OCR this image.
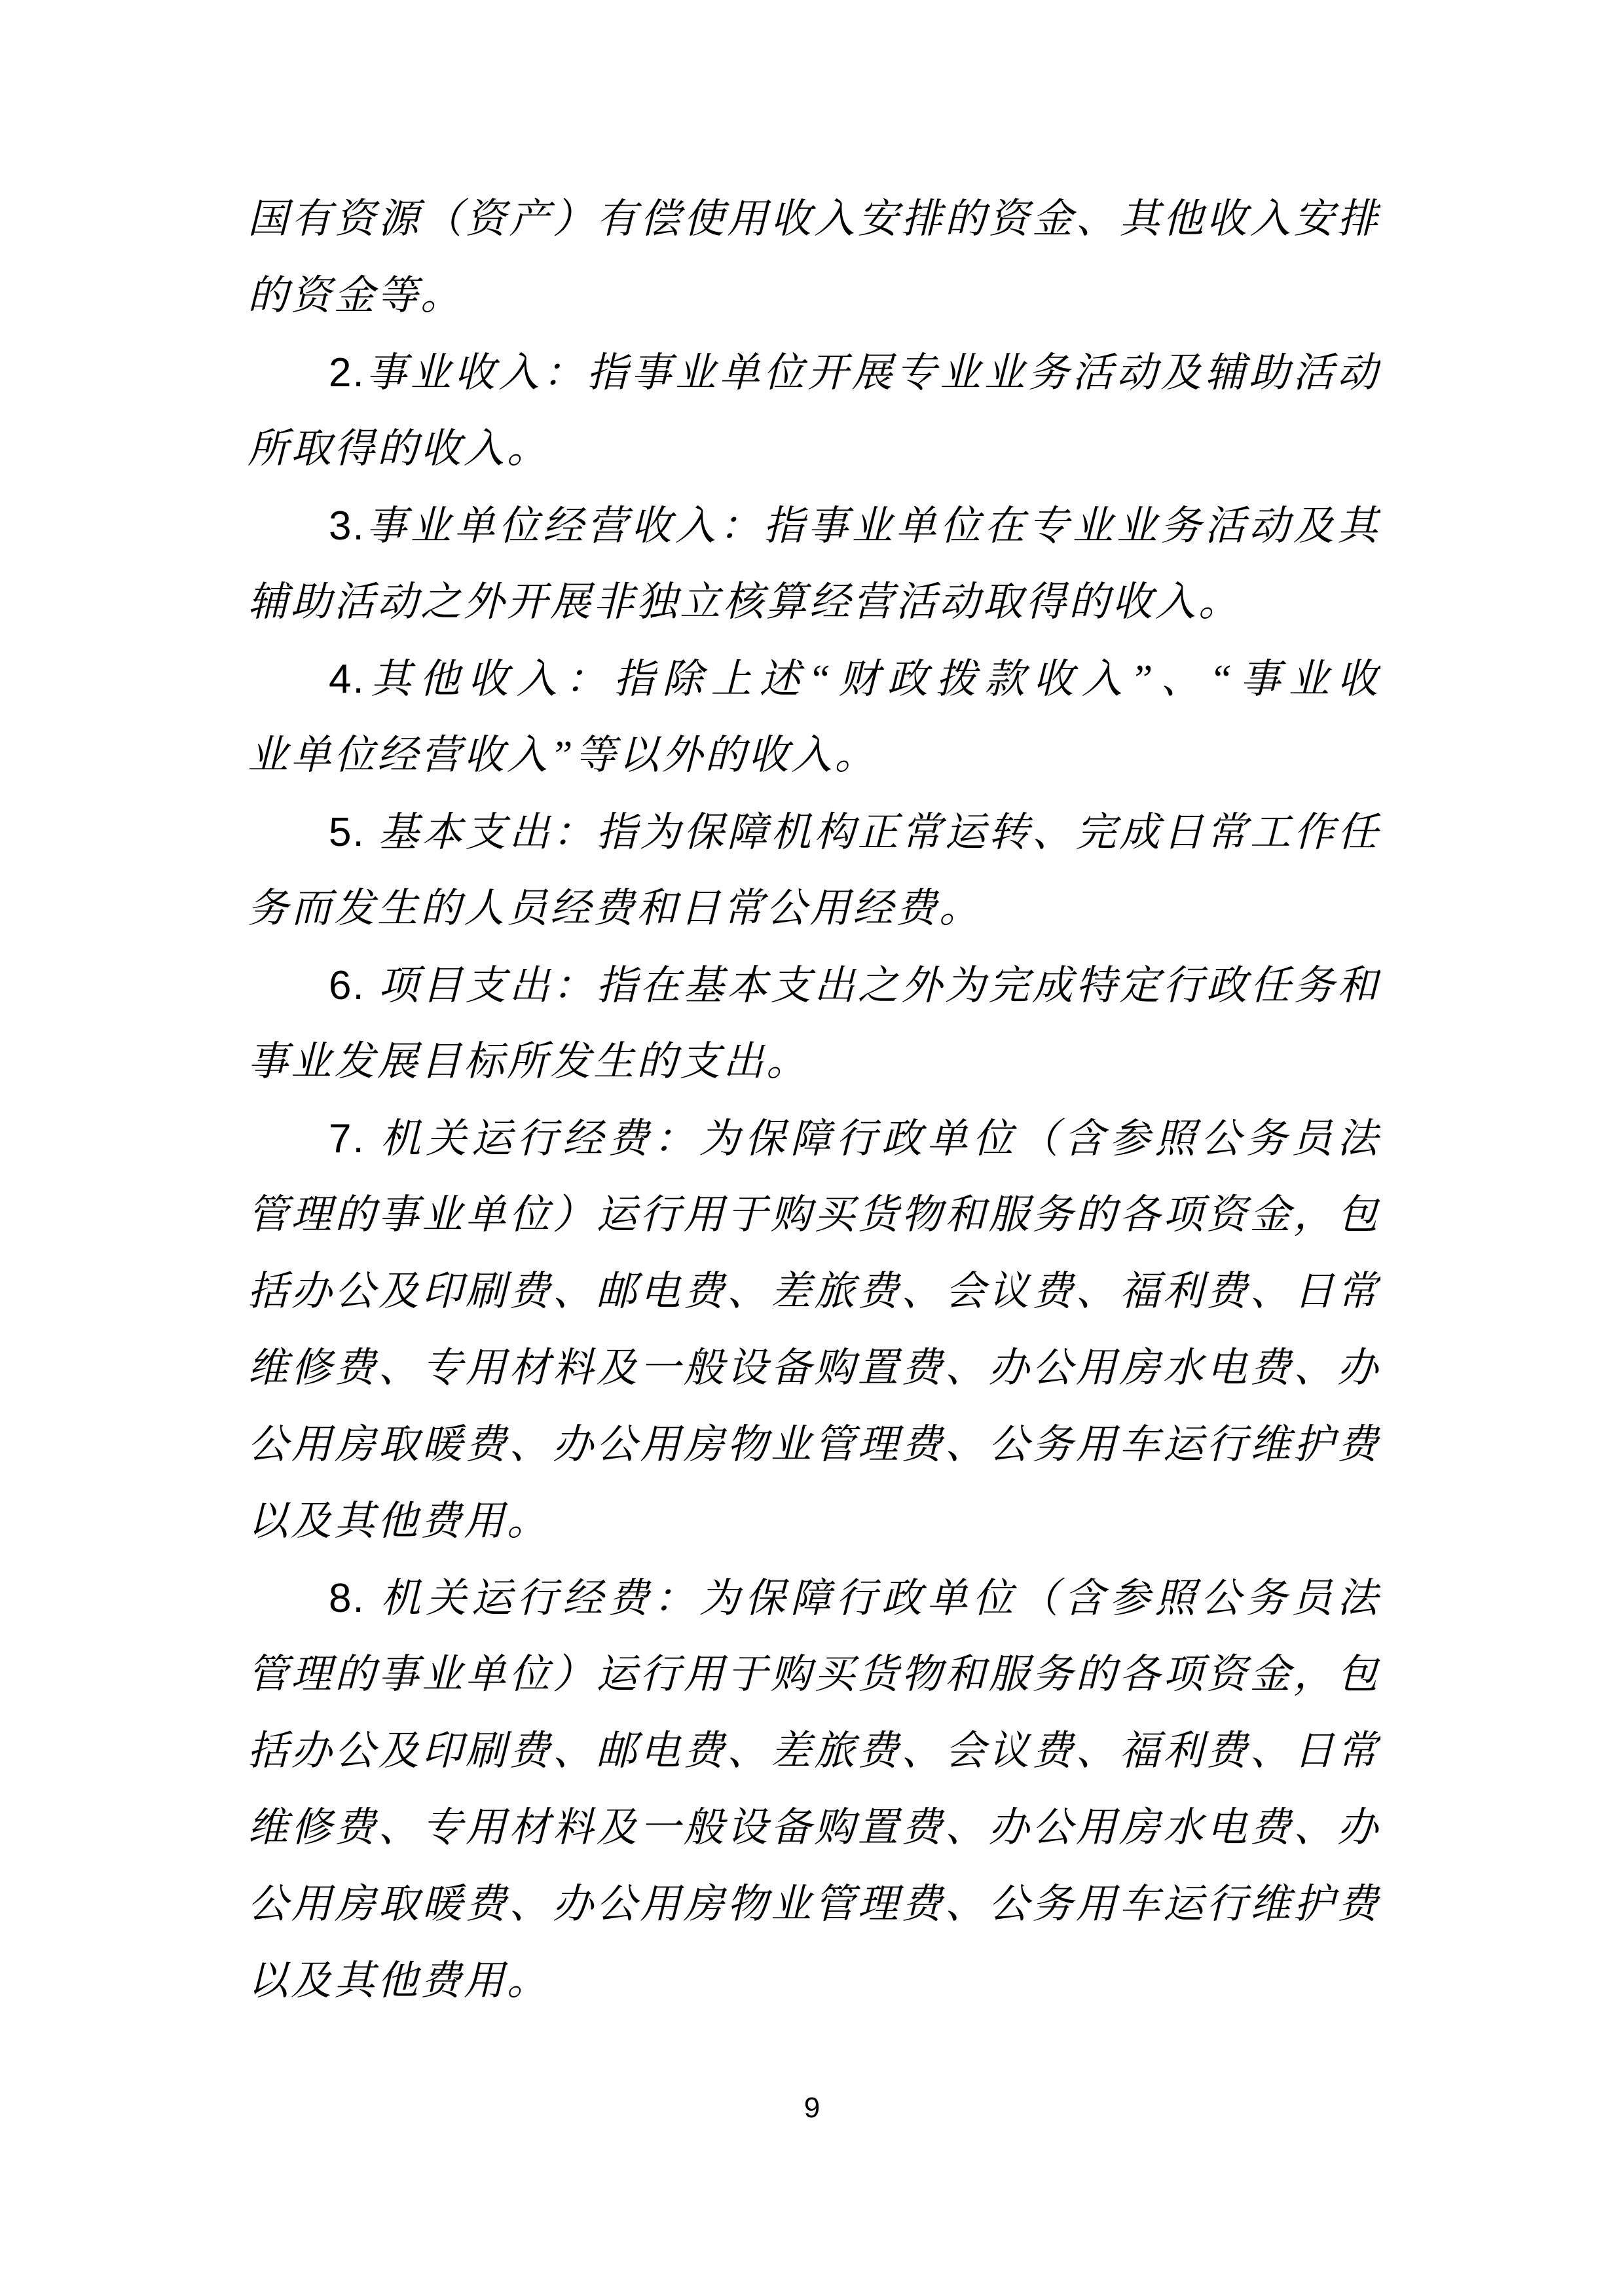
国有资源（资产）有偿使用收入安排的资金、其他收入安排
的资金等。
2.事业收入：指事业单位开展专业业务活动及辅助活动
所取得的收入。
3.事业单位经营收入：指事业单位在专业业务活动及其
辅助活动之外开展非独立核算经营活动取得的收入。
4.其他收入：指除上述“财政拨款收入”、“事业收
业单位经营收入”等以外的收入。
5. 基本支出：指为保障机构正常运转、完成日常工作任
务而发生的人员经费和日常公用经费。
6. 项目支出：指在基本支出之外为完成特定行政任务和
事业发展目标所发生的支出。
7. 机关运行经费：为保障行政单位（含参照公务员法
管理的事业单位）运行用于购买货物和服务的各项资金，包
括办公及印刷费、邮电费、差旅费、会议费、福利费、日常
维修费、专用材料及一般设备购置费、办公用房水电费、办
公用房取暖费、办公用房物业管理费、公务用车运行维护费
以及其他费用。
8. 机关运行经费：为保障行政单位（含参照公务员法
管理的事业单位）运行用于购买货物和服务的各项资金，包
括办公及印刷费、邮电费、差旅费、会议费、福利费、日常
维修费、专用材料及一般设备购置费、办公用房水电费、办
公用房取暖费、办公用房物业管理费、公务用车运行维护费
以及其他费用。
9
